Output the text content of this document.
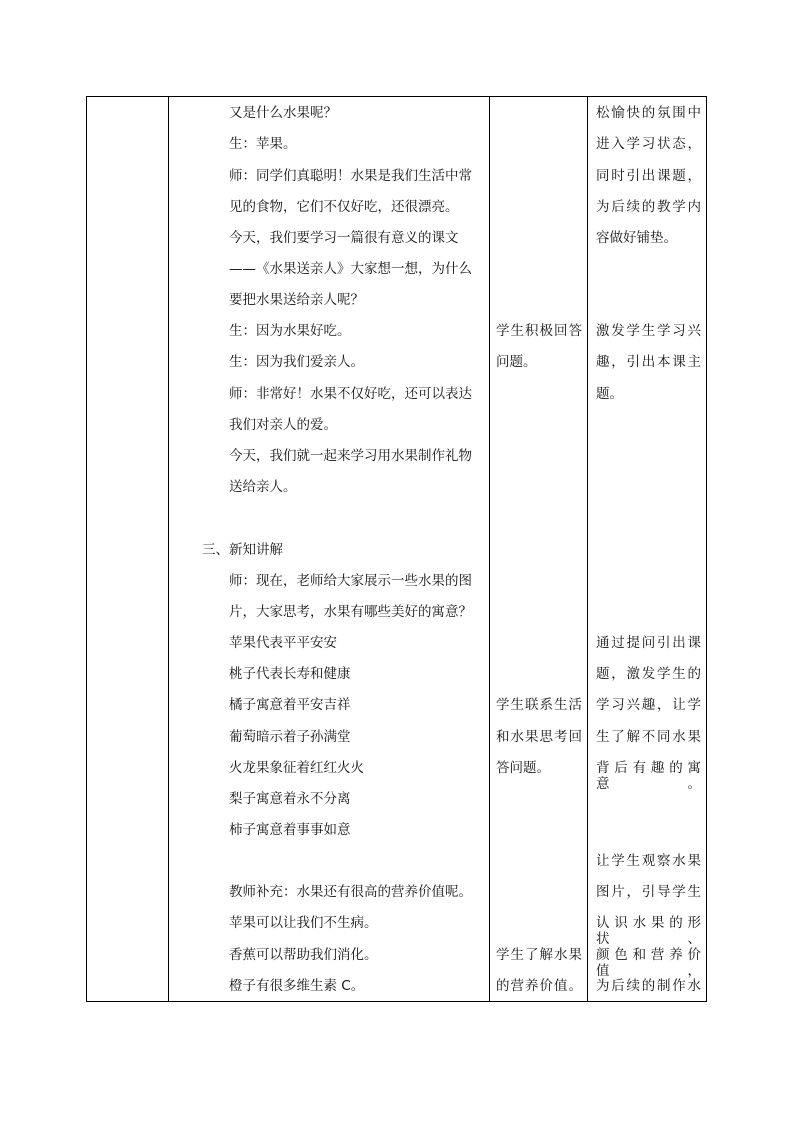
又是什么水果呢？
生：苹果。
师：同学们真聪明！水果是我们生活中常
见的食物，它们不仅好吃，还很漂亮。
今天，我们要学习一篇很有意义的课文
——《水果送亲人》大家想一想，为什么
要把水果送给亲人呢？
生：因为水果好吃。
生：因为我们爱亲人。
师：非常好！水果不仅好吃，还可以表达
我们对亲人的爱。
今天，我们就一起来学习用水果制作礼物
送给亲人。
三、新知讲解
师：现在，老师给大家展示一些水果的图
片，大家思考，水果有哪些美好的寓意？
苹果代表平平安安
桃子代表长寿和健康
橘子寓意着平安吉祥
葡萄暗示着子孙满堂
火龙果象征着红红火火
梨子寓意着永不分离
柿子寓意着事事如意
教师补充：水果还有很高的营养价值呢。
苹果可以让我们不生病。
香蕉可以帮助我们消化。
橙子有很多维生素 C。
学生积极回答
问题。
学生联系生活
和水果思考回
答问题。
学生了解水果
的营养价值。
松愉快的氛围中
进入学习状态，
同时引出课题，
为后续的教学内
容做好铺垫。
激发学生学习兴
趣，引出本课主
题。
通过提问引出课
题，激发学生的
学习兴趣，让学
生了解不同水果
背后有趣的寓意。
让学生观察水果
图片，引导学生
认识水果的形状、
颜色和营养价值，
为后续的制作水
